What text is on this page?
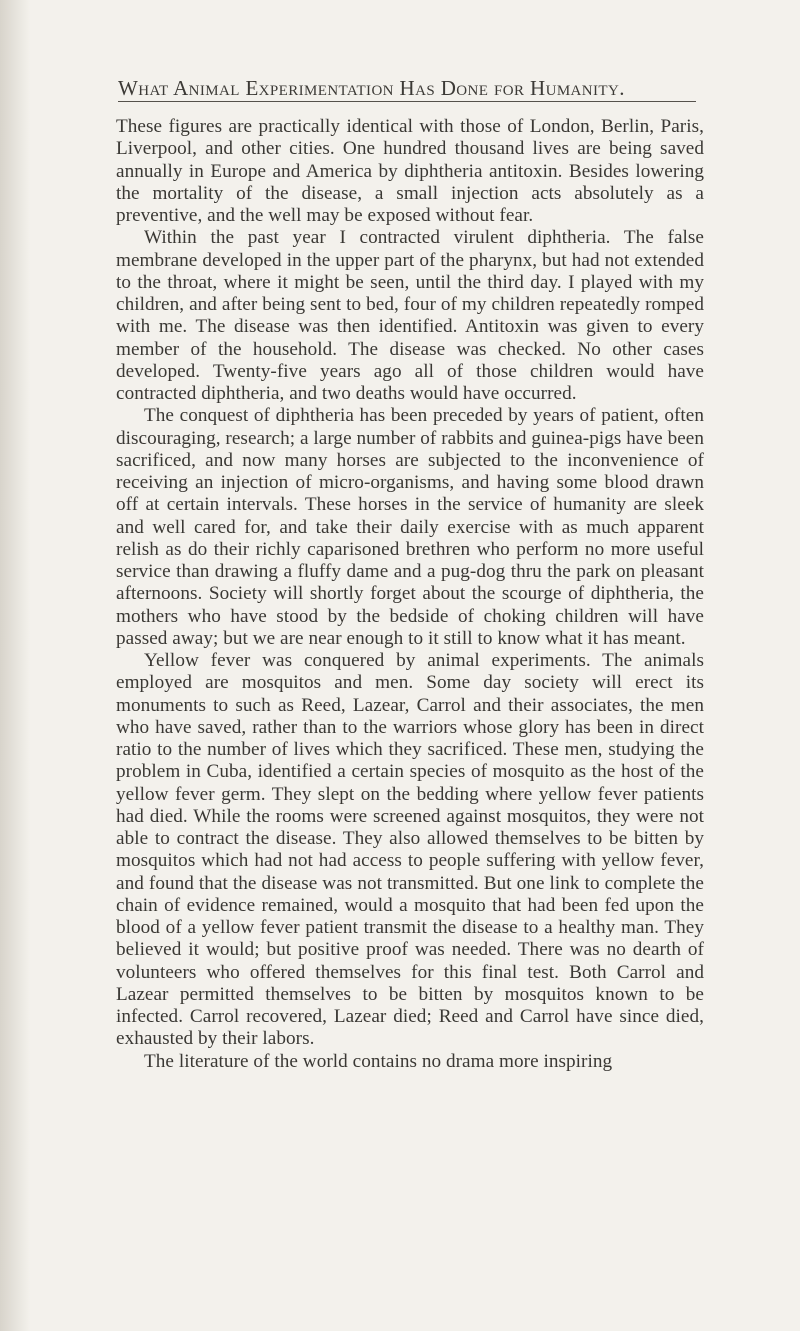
What Animal Experimentation Has Done for Humanity.

These figures are practically identical with those of London, Berlin, Paris, Liverpool, and other cities. One hundred thousand lives are being saved annually in Europe and America by diphtheria antitoxin. Besides lowering the mortality of the disease, a small injection acts absolutely as a preventive, and the well may be exposed without fear.

Within the past year I contracted virulent diphtheria. The false membrane developed in the upper part of the pharynx, but had not extended to the throat, where it might be seen, until the third day. I played with my children, and after being sent to bed, four of my children repeatedly romped with me. The disease was then identified. Antitoxin was given to every member of the household. The disease was checked. No other cases developed. Twenty-five years ago all of those children would have contracted diphtheria, and two deaths would have occurred.

The conquest of diphtheria has been preceded by years of patient, often discouraging, research; a large number of rabbits and guinea-pigs have been sacrificed, and now many horses are subjected to the inconvenience of receiving an injection of micro-organisms, and having some blood drawn off at certain intervals. These horses in the service of humanity are sleek and well cared for, and take their daily exercise with as much apparent relish as do their richly caparisoned brethren who perform no more useful service than drawing a fluffy dame and a pug-dog thru the park on pleasant afternoons. Society will shortly forget about the scourge of diphtheria, the mothers who have stood by the bedside of choking children will have passed away; but we are near enough to it still to know what it has meant.

Yellow fever was conquered by animal experiments. The animals employed are mosquitos and men. Some day society will erect its monuments to such as Reed, Lazear, Carrol and their associates, the men who have saved, rather than to the warriors whose glory has been in direct ratio to the number of lives which they sacrificed. These men, studying the problem in Cuba, identified a certain species of mosquito as the host of the yellow fever germ. They slept on the bedding where yellow fever patients had died. While the rooms were screened against mosquitos, they were not able to contract the disease. They also allowed themselves to be bitten by mosquitos which had not had access to people suffering with yellow fever, and found that the disease was not transmitted. But one link to complete the chain of evidence remained, would a mosquito that had been fed upon the blood of a yellow fever patient transmit the disease to a healthy man. They believed it would; but positive proof was needed. There was no dearth of volunteers who offered themselves for this final test. Both Carrol and Lazear permitted themselves to be bitten by mosquitos known to be infected. Carrol recovered, Lazear died; Reed and Carrol have since died, exhausted by their labors.

The literature of the world contains no drama more inspiring
